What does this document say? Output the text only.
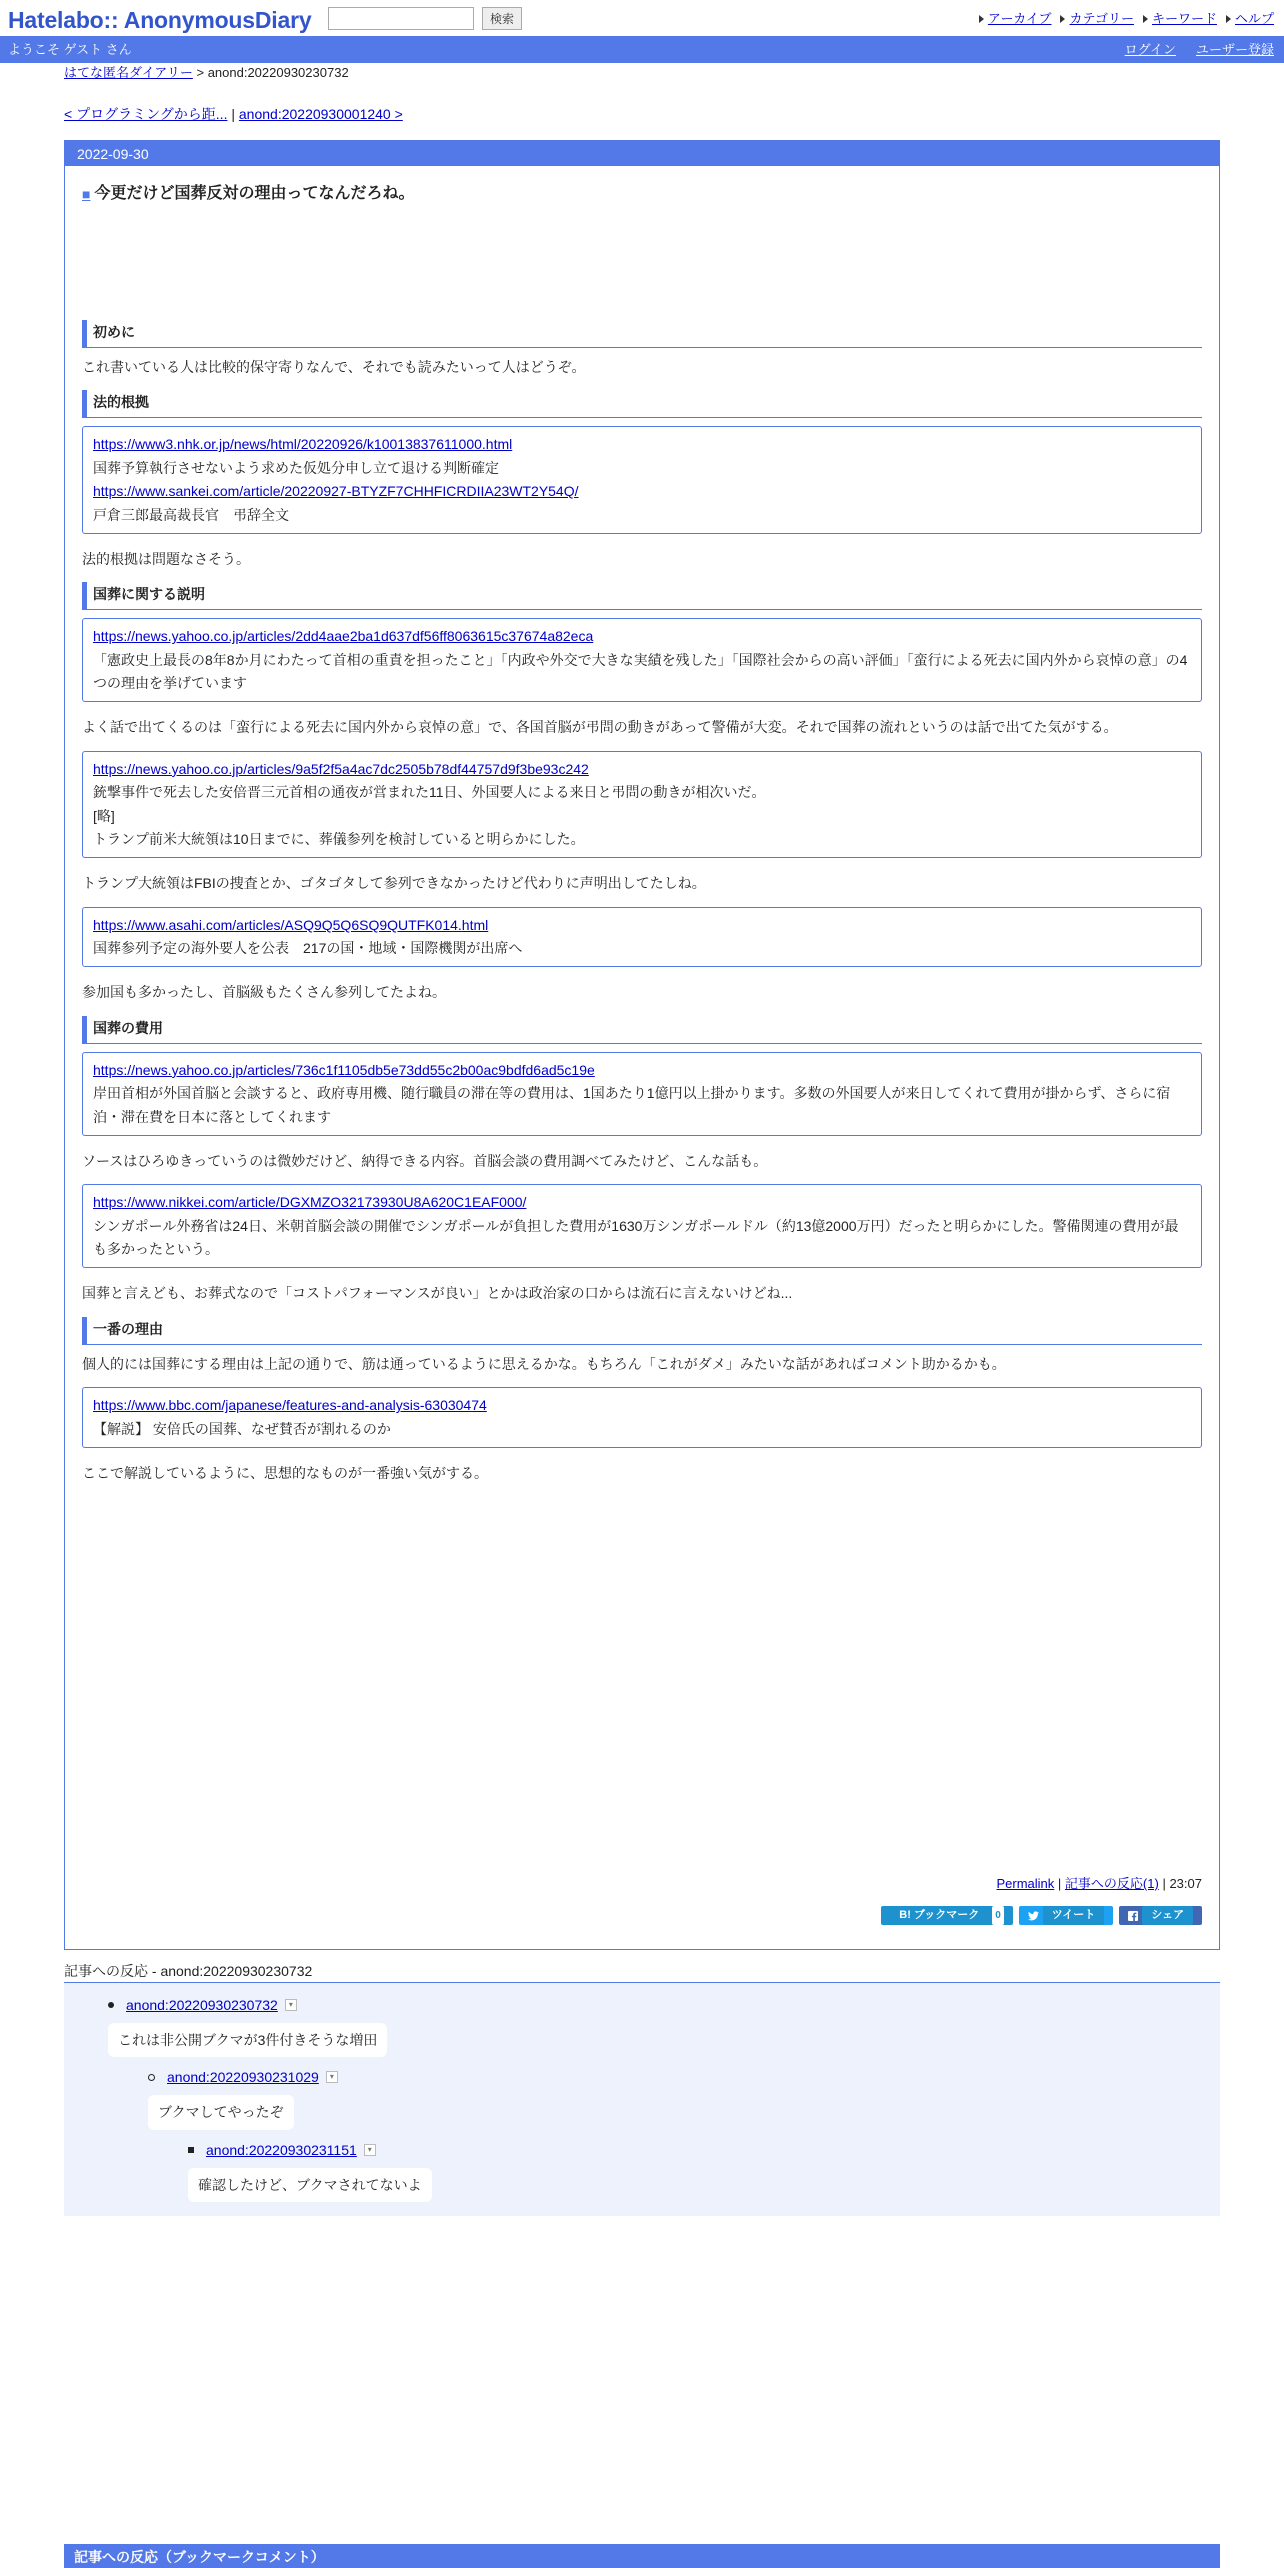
Hatelabo:: AnonymousDiary	検索	アーカイブ カテゴリー キーワード ヘルプ
ようこそ ゲスト さん	ログイン ユーザー登録
はてな匿名ダイアリー > anond:20220930230732
< プログラミングから距... | anond:20220930001240 >
2022-09-30
■ 今更だけど国葬反対の理由ってなんだろね。
初めに

これ書いている人は比較的保守寄りなんで、それでも読みたいって人はどうぞ。

法的根拠
https://www3.nhk.or.jp/news/html/20220926/k10013837611000.html

国葬予算執行させないよう求めた仮処分申し立て退ける判断確定

https://www.sankei.com/article/20220927-BTYZF7CHHFICRDIIA23WT2Y54Q/

戸倉三郎最高裁長官　弔辞全文

法的根拠は問題なさそう。

国葬に関する説明
https://news.yahoo.co.jp/articles/2dd4aae2ba1d637df56ff8063615c37674a82eca

「憲政史上最長の8年8か月にわたって首相の重責を担ったこと」「内政や外交で大きな実績を残した」「国際社会からの高い評価」「蛮行による死去に国内外から哀悼の意」の4つの理由を挙げています

よく話で出てくるのは「蛮行による死去に国内外から哀悼の意」で、各国首脳が弔問の動きがあって警備が大変。それで国葬の流れというのは話で出てた気がする。

https://news.yahoo.co.jp/articles/9a5f2f5a4ac7dc2505b78df44757d9f3be93c242

銃撃事件で死去した安倍晋三元首相の通夜が営まれた11日、外国要人による来日と弔問の動きが相次いだ。

[略]

トランプ前米大統領は10日までに、葬儀参列を検討していると明らかにした。

トランプ大統領はFBIの捜査とか、ゴタゴタして参列できなかったけど代わりに声明出してたしね。

https://www.asahi.com/articles/ASQ9Q5Q6SQ9QUTFK014.html

国葬参列予定の海外要人を公表　217の国・地域・国際機関が出席へ

参加国も多かったし、首脳級もたくさん参列してたよね。

国葬の費用
https://news.yahoo.co.jp/articles/736c1f1105db5e73dd55c2b00ac9bdfd6ad5c19e

岸田首相が外国首脳と会談すると、政府専用機、随行職員の滞在等の費用は、1国あたり1億円以上掛かります。多数の外国要人が来日してくれて費用が掛からず、さらに宿泊・滞在費を日本に落としてくれます

ソースはひろゆきっていうのは微妙だけど、納得できる内容。首脳会談の費用調べてみたけど、こんな話も。

https://www.nikkei.com/article/DGXMZO32173930U8A620C1EAF000/

シンガポール外務省は24日、米朝首脳会談の開催でシンガポールが負担した費用が1630万シンガポールドル（約13億2000万円）だったと明らかにした。警備関連の費用が最も多かったという。

国葬と言えども、お葬式なので「コストパフォーマンスが良い」とかは政治家の口からは流石に言えないけどね...

一番の理由

個人的には国葬にする理由は上記の通りで、筋は通っているように思えるかな。もちろん「これがダメ」みたいな話があればコメント助かるかも。

https://www.bbc.com/japanese/features-and-analysis-63030474

【解説】 安倍氏の国葬、なぜ賛否が割れるのか

ここで解説しているように、思想的なものが一番強い気がする。

Permalink | 記事への反応(1) | 23:07
B! ブックマーク	0	ツイート	シェア
記事への反応 - anond:20220930230732
anond:20220930230732	▾
これは非公開ブクマが3件付きそうな増田
anond:20220930231029	▾
ブクマしてやったぞ
anond:20220930231151	▾
確認したけど、ブクマされてないよ
記事への反応（ブックマークコメント）
